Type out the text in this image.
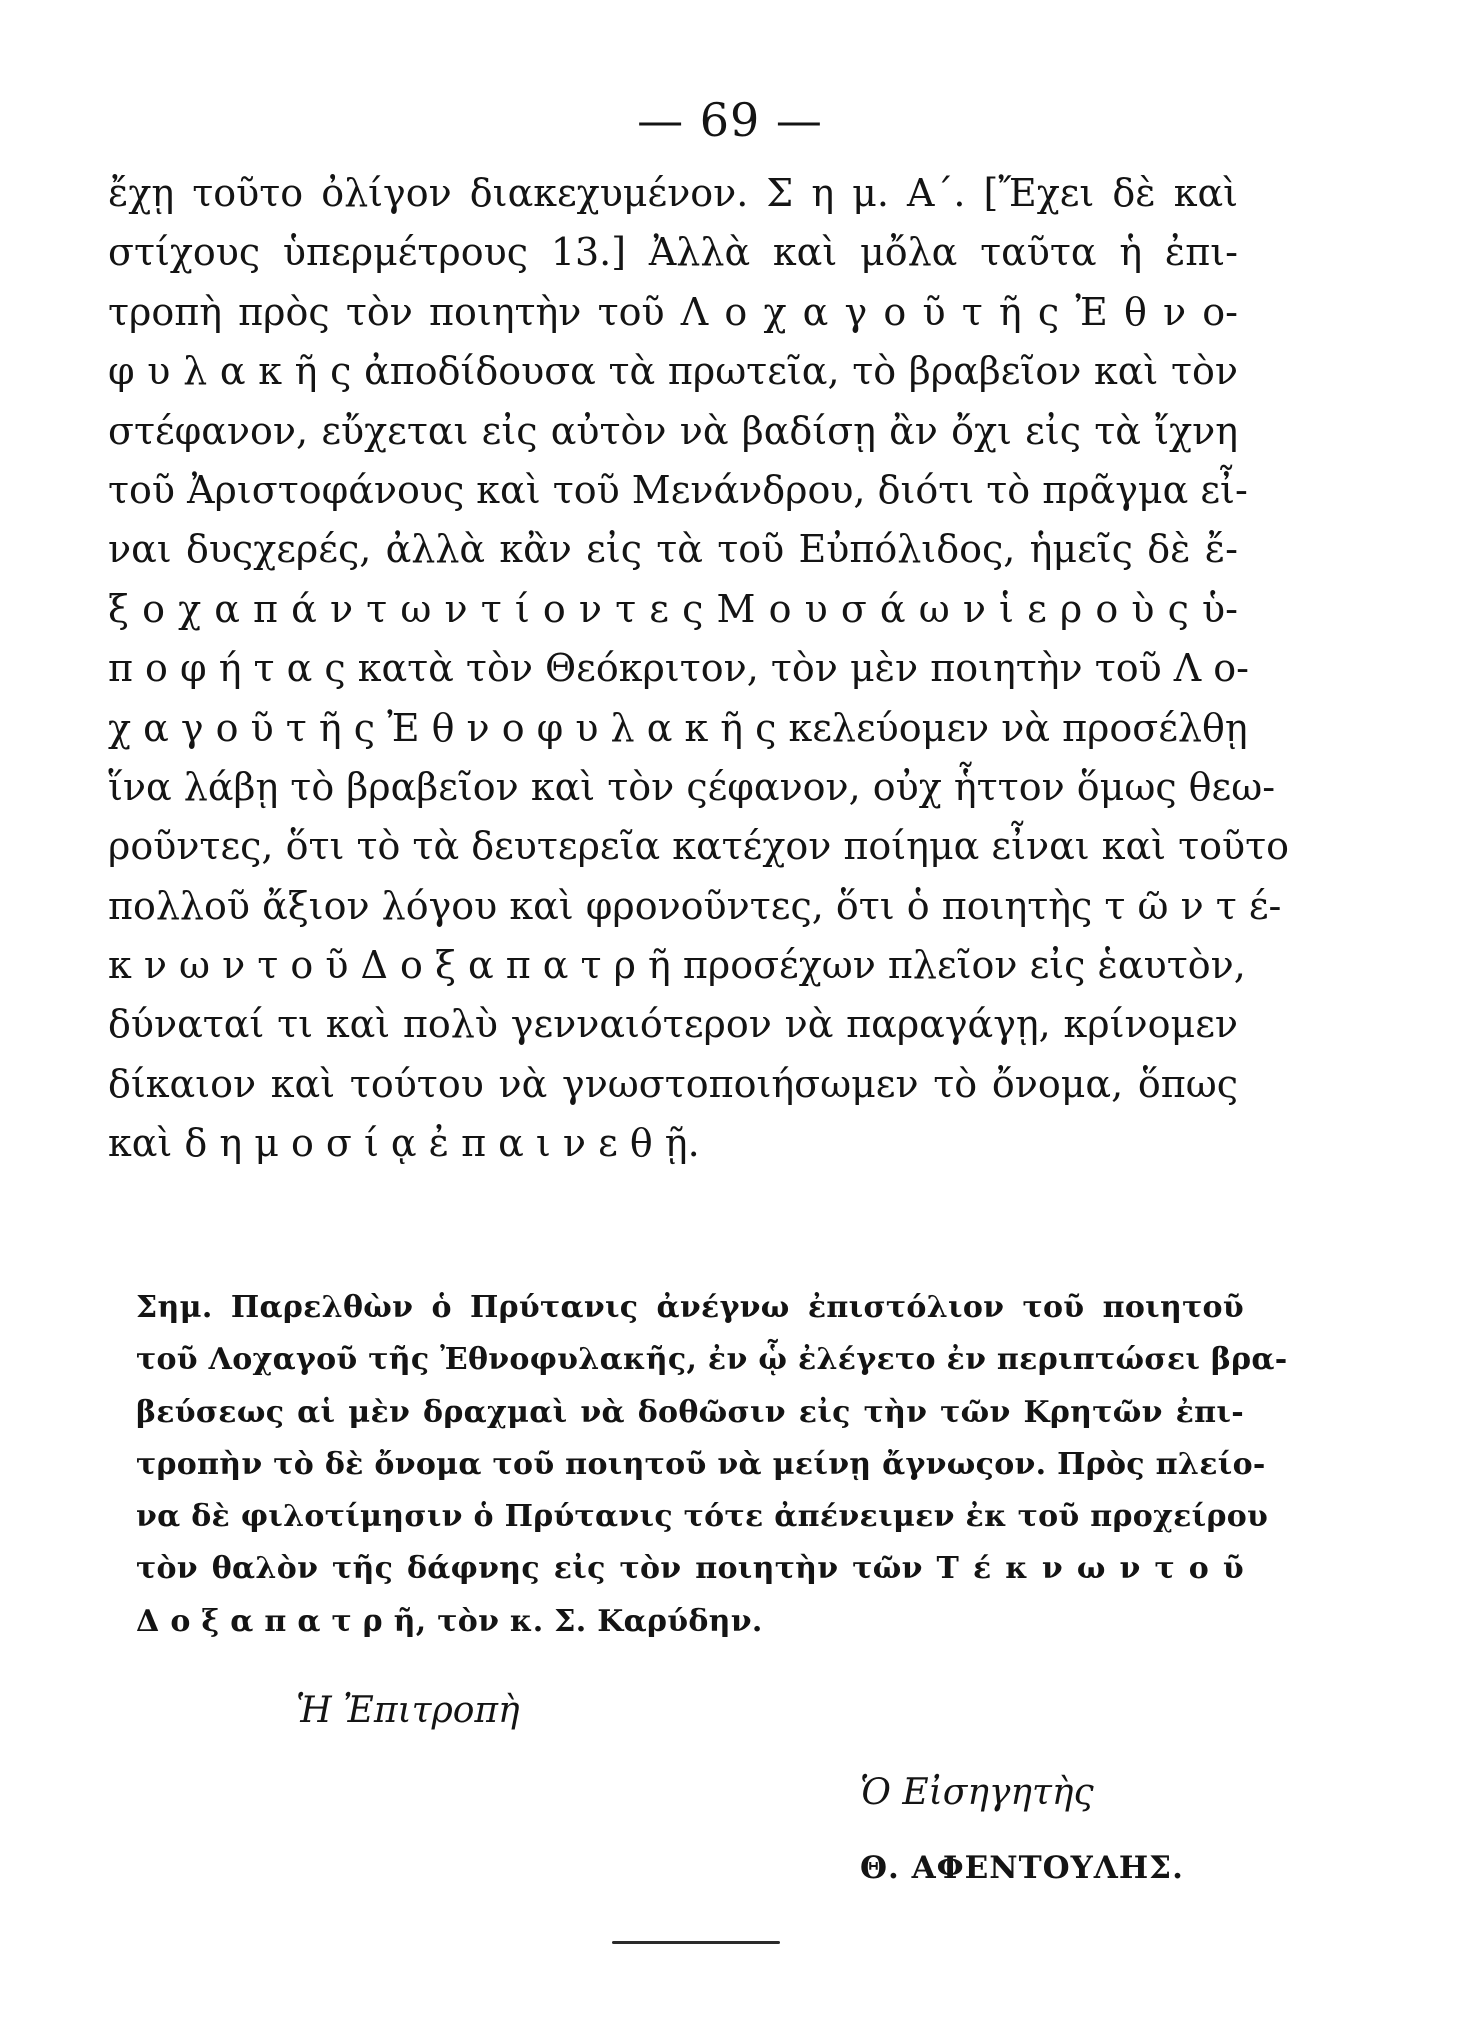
— 69 —
ἔχῃ τοῦτο ὀλίγον διακεχυμένον. Σ η μ. Α΄. [Ἔχει δὲ καὶ
στίχους ὑπερμέτρους 13.] Ἀλλὰ καὶ μὄλα ταῦτα ἡ ἐπι-
τροπὴ πρὸς τὸν ποιητὴν τοῦ Λ ο χ α γ ο ῦ τ ῆ ς Ἐ θ ν ο-
φ υ λ α κ ῆ ς ἀποδίδουσα τὰ πρωτεῖα, τὸ βραβεῖον καὶ τὸν
στέφανον, εὔχεται εἰς αὐτὸν νὰ βαδίσῃ ἂν ὄχι εἰς τὰ ἴχνη
τοῦ Ἀριστοφάνους καὶ τοῦ Μενάνδρου, διότι τὸ πρᾶγμα εἶ-
ναι δυςχερές, ἀλλὰ κἂν εἰς τὰ τοῦ Εὐπόλιδος, ἡμεῖς δὲ ἔ-
ξ ο χ α π ά ν τ ω ν τ ί ο ν τ ε ς Μ ο υ σ ά ω ν ἱ ε ρ ο ὺ ς ὑ-
π ο φ ή τ α ς κατὰ τὸν Θεόκριτον, τὸν μὲν ποιητὴν τοῦ Λ ο-
χ α γ ο ῦ τ ῆ ς Ἐ θ ν ο φ υ λ α κ ῆ ς κελεύομεν νὰ προσέλθῃ
ἵνα λάβῃ τὸ βραβεῖον καὶ τὸν ςέφανον, οὐχ ἧττον ὅμως θεω-
ροῦντες, ὅτι τὸ τὰ δευτερεῖα κατέχον ποίημα εἶναι καὶ τοῦτο
πολλοῦ ἄξιον λόγου καὶ φρονοῦντες, ὅτι ὁ ποιητὴς τ ῶ ν τ έ-
κ ν ω ν τ ο ῦ Δ ο ξ α π α τ ρ ῆ προσέχων πλεῖον εἰς ἑαυτὸν,
δύναταί τι καὶ πολὺ γενναιότερον νὰ παραγάγῃ, κρίνομεν
δίκαιον καὶ τούτου νὰ γνωστοποιήσωμεν τὸ ὄνομα, ὅπως
καὶ δ η μ ο σ ί ᾳ ἐ π α ι ν ε θ ῇ.
Σημ. Παρελθὼν ὁ Πρύτανις ἀνέγνω ἐπιστόλιον τοῦ ποιητοῦ
τοῦ Λοχαγοῦ τῆς Ἐθνοφυλακῆς, ἐν ᾧ ἐλέγετο ἐν περιπτώσει βρα-
βεύσεως αἱ μὲν δραχμαὶ νὰ δοθῶσιν εἰς τὴν τῶν Κρητῶν ἐπι-
τροπὴν τὸ δὲ ὄνομα τοῦ ποιητοῦ νὰ μείνῃ ἄγνωςον. Πρὸς πλείο-
να δὲ φιλοτίμησιν ὁ Πρύτανις τότε ἀπένειμεν ἐκ τοῦ προχείρου
τὸν θαλὸν τῆς δάφνης εἰς τὸν ποιητὴν τῶν Τ έ κ ν ω ν τ ο ῦ
Δ ο ξ α π α τ ρ ῆ, τὸν κ. Σ. Καρύδην.
Ἡ Ἐπιτροπὴ
Ὁ Εἰσηγητὴς
Θ. ΑΦΕΝΤΟΥΛΗΣ.
